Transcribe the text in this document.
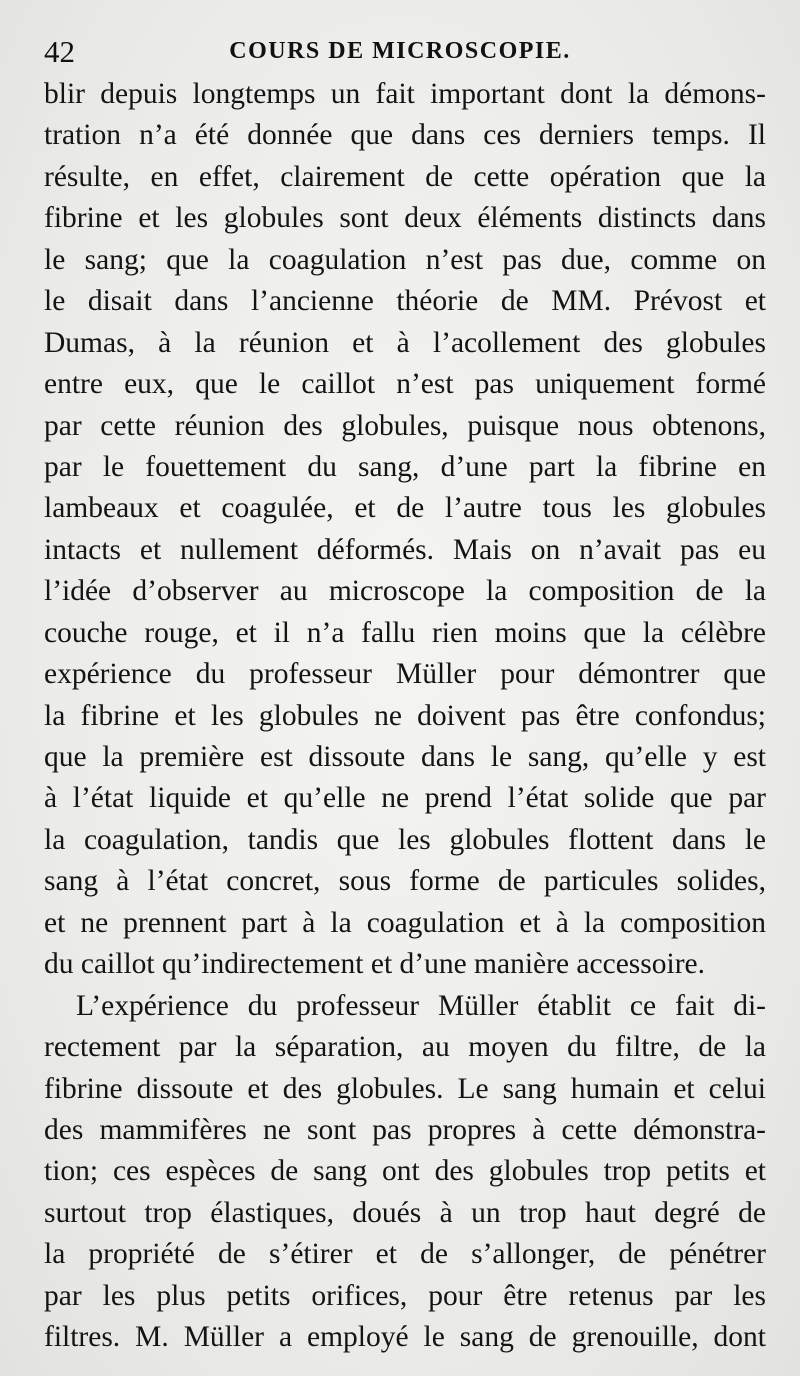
42	COURS DE MICROSCOPIE.
blir depuis longtemps un fait important dont la démons-
tration n’a été donnée que dans ces derniers temps. Il
résulte, en effet, clairement de cette opération que la
fibrine et les globules sont deux éléments distincts dans
le sang; que la coagulation n’est pas due, comme on
le disait dans l’ancienne théorie de MM. Prévost et
Dumas, à la réunion et à l’acollement des globules
entre eux, que le caillot n’est pas uniquement formé
par cette réunion des globules, puisque nous obtenons,
par le fouettement du sang, d’une part la fibrine en
lambeaux et coagulée, et de l’autre tous les globules
intacts et nullement déformés. Mais on n’avait pas eu
l’idée d’observer au microscope la composition de la
couche rouge, et il n’a fallu rien moins que la célèbre
expérience du professeur Müller pour démontrer que
la fibrine et les globules ne doivent pas être confondus;
que la première est dissoute dans le sang, qu’elle y est
à l’état liquide et qu’elle ne prend l’état solide que par
la coagulation, tandis que les globules flottent dans le
sang à l’état concret, sous forme de particules solides,
et ne prennent part à la coagulation et à la composition
du caillot qu’indirectement et d’une manière accessoire.
L’expérience du professeur Müller établit ce fait di-
rectement par la séparation, au moyen du filtre, de la
fibrine dissoute et des globules. Le sang humain et celui
des mammifères ne sont pas propres à cette démonstra-
tion; ces espèces de sang ont des globules trop petits et
surtout trop élastiques, doués à un trop haut degré de
la propriété de s’étirer et de s’allonger, de pénétrer
par les plus petits orifices, pour être retenus par les
filtres. M. Müller a employé le sang de grenouille, dont
